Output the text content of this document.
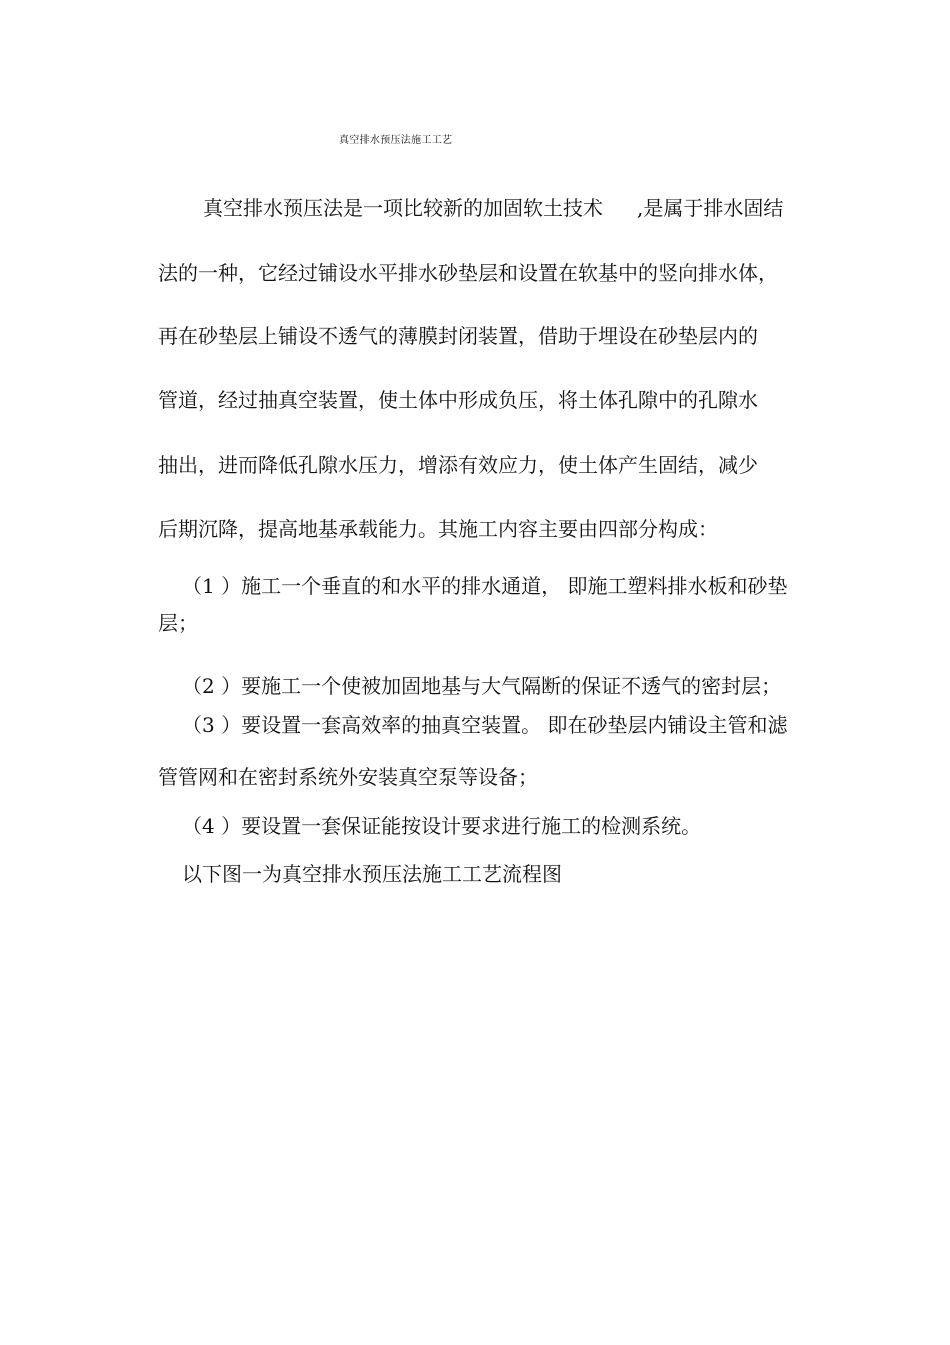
真空排水预压法施工工艺
真空排水预压法是一项比较新的加固软土技术 ,是属于排水固结
法的一种，它经过铺设水平排水砂垫层和设置在软基中的竖向排水体，
再在砂垫层上铺设不透气的薄膜封闭装置，借助于埋设在砂垫层内的
管道，经过抽真空装置，使土体中形成负压，将土体孔隙中的孔隙水
抽出，进而降低孔隙水压力，增添有效应力，使土体产生固结，减少
后期沉降，提高地基承载能力。其施工内容主要由四部分构成：
（1 ）施工一个垂直的和水平的排水通道， 即施工塑料排水板和砂垫
层；
（2 ）要施工一个使被加固地基与大气隔断的保证不透气的密封层；
（3 ）要设置一套高效率的抽真空装置。 即在砂垫层内铺设主管和滤
管管网和在密封系统外安装真空泵等设备；
（4 ）要设置一套保证能按设计要求进行施工的检测系统。
以下图一为真空排水预压法施工工艺流程图
